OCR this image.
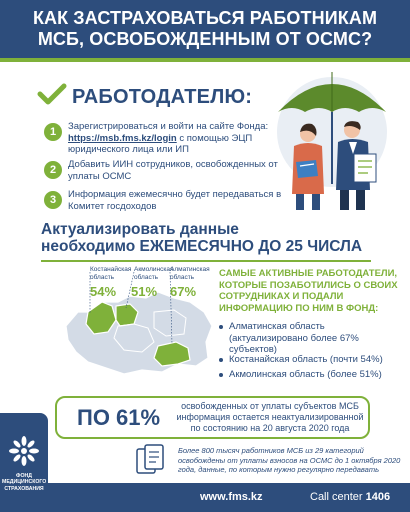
КАК ЗАСТРАХОВАТЬСЯ РАБОТНИКАМ МСБ, ОСВОБОЖДЕННЫМ ОТ ОСМС?
РАБОТОДАТЕЛЮ:
1	Зарегистрироваться и войти на сайте Фонда:
https://msb.fms.kz/login с помощью ЭЦП юридического лица или ИП
2	Добавить ИИН сотрудников, освобожденных от уплаты ОСМС
3	Информация ежемесячно будет передаваться в Комитет госдоходов
Актуализировать данные
необходимо ЕЖЕМЕСЯЧНО ДО 25 ЧИСЛА
Костанайская область
54%
Акмолинская область
51%
Алматинская область
67%
САМЫЕ АКТИВНЫЕ РАБОТОДАТЕЛИ, КОТОРЫЕ ПОЗАБОТИЛИСЬ О СВОИХ СОТРУДНИКАХ И ПОДАЛИ ИНФОРМАЦИЮ ПО НИМ В ФОНД:
Алматинская область (актуализировано более 67% субъектов)
Костанайская область (почти 54%)
Акмолинская область (более 51%)
ПО 61%	освобожденных от уплаты субъектов МСБ информация остается неактуализированной по состоянию на 20 августа 2020 года
Более 800 тысяч работников МСБ из 29 категорий освобождены от уплаты взносов на ОСМС до 1 октября 2020 года, данные, по которым нужно регулярно передавать
ФОНД
МЕДИЦИНСКОГО
СТРАХОВАНИЯ
www.fms.kz	Call center 1406
